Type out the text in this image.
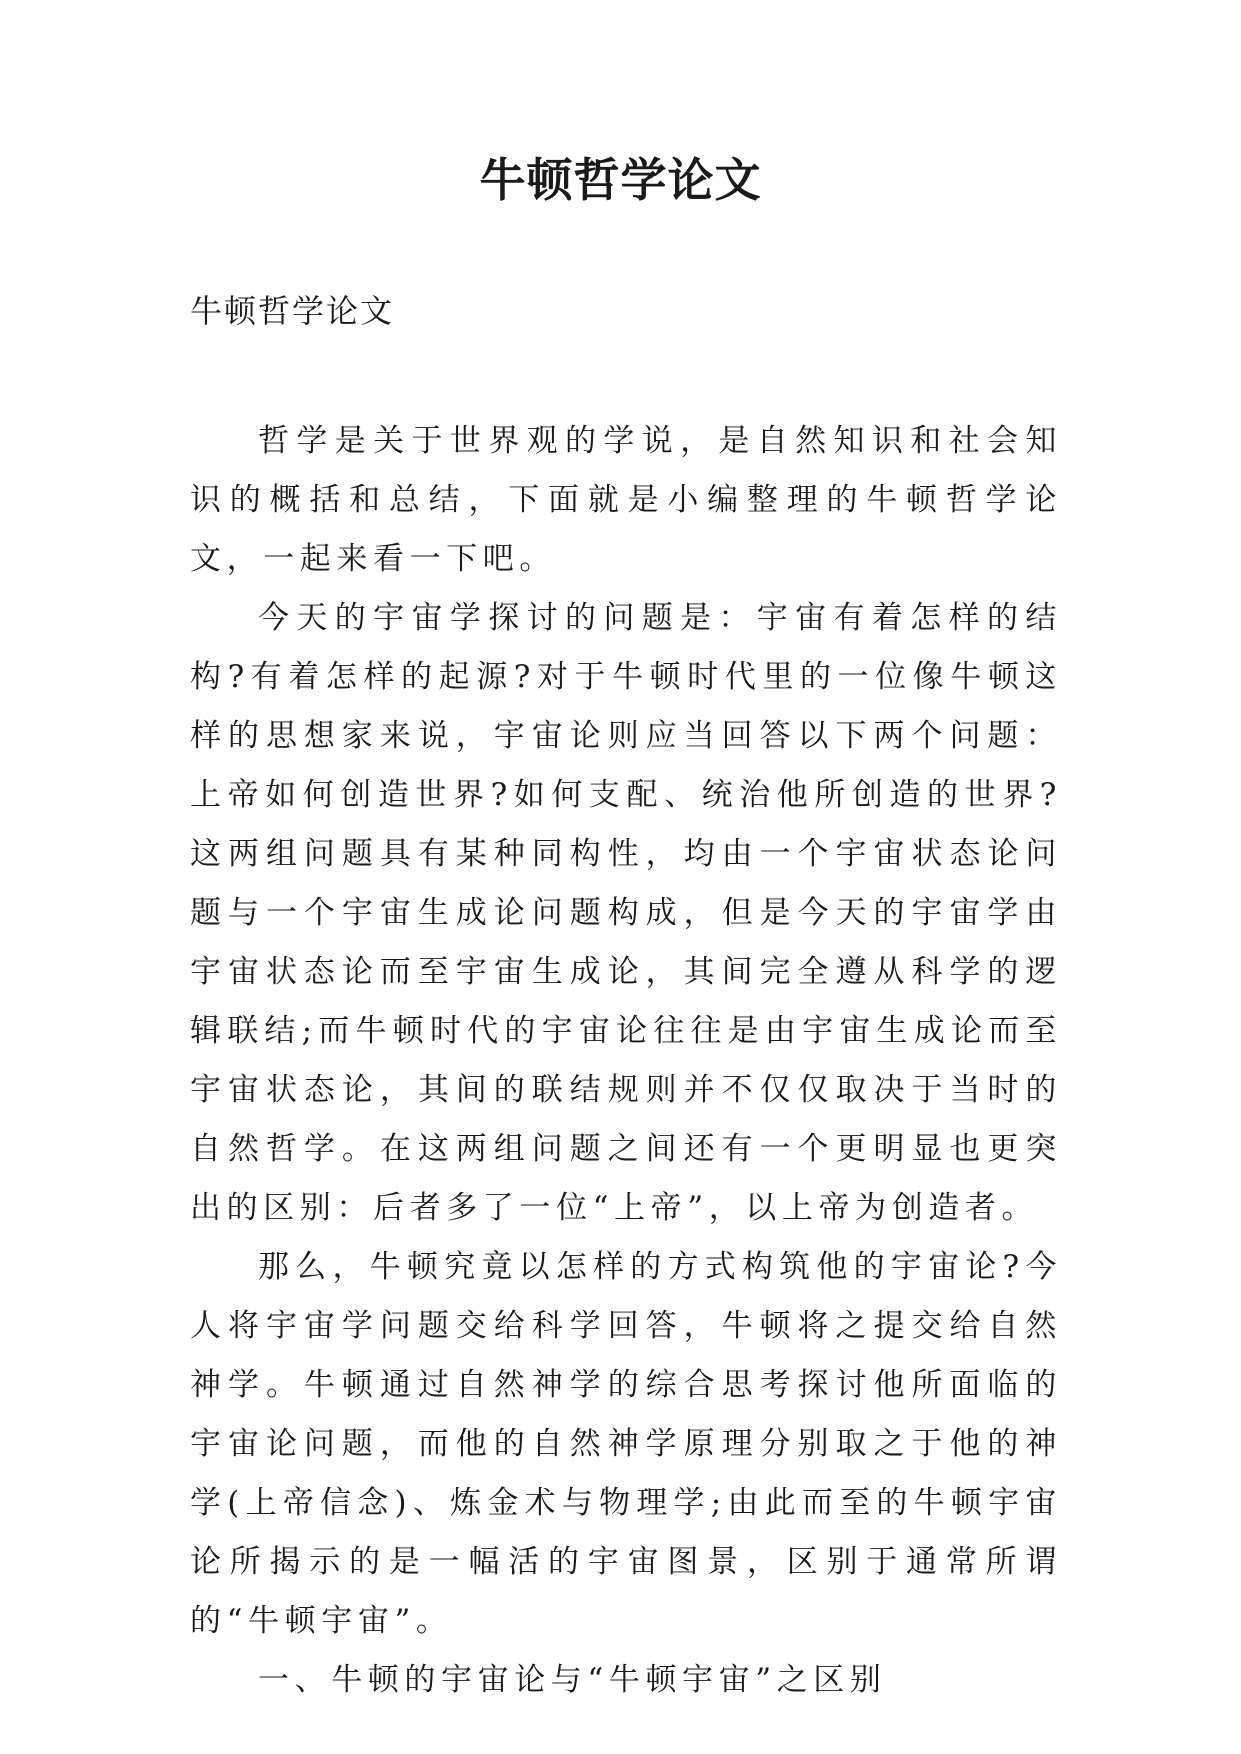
牛顿哲学论文

牛顿哲学论文

哲学是关于世界观的学说，是自然知识和社会知识的概括和总结，下面就是小编整理的牛顿哲学论文，一起来看一下吧。

今天的宇宙学探讨的问题是：宇宙有着怎样的结构?有着怎样的起源?对于牛顿时代里的一位像牛顿这样的思想家来说，宇宙论则应当回答以下两个问题：上帝如何创造世界?如何支配、统治他所创造的世界?这两组问题具有某种同构性，均由一个宇宙状态论问题与一个宇宙生成论问题构成，但是今天的宇宙学由宇宙状态论而至宇宙生成论，其间完全遵从科学的逻辑联结;而牛顿时代的宇宙论往往是由宇宙生成论而至宇宙状态论，其间的联结规则并不仅仅取决于当时的自然哲学。在这两组问题之间还有一个更明显也更突出的区别：后者多了一位“上帝”，以上帝为创造者。

那么，牛顿究竟以怎样的方式构筑他的宇宙论?今人将宇宙学问题交给科学回答，牛顿将之提交给自然神学。牛顿通过自然神学的综合思考探讨他所面临的宇宙论问题，而他的自然神学原理分别取之于他的神学(上帝信念)、炼金术与物理学;由此而至的牛顿宇宙论所揭示的是一幅活的宇宙图景，区别于通常所谓的“牛顿宇宙”。

一、牛顿的宇宙论与“牛顿宇宙”之区别
